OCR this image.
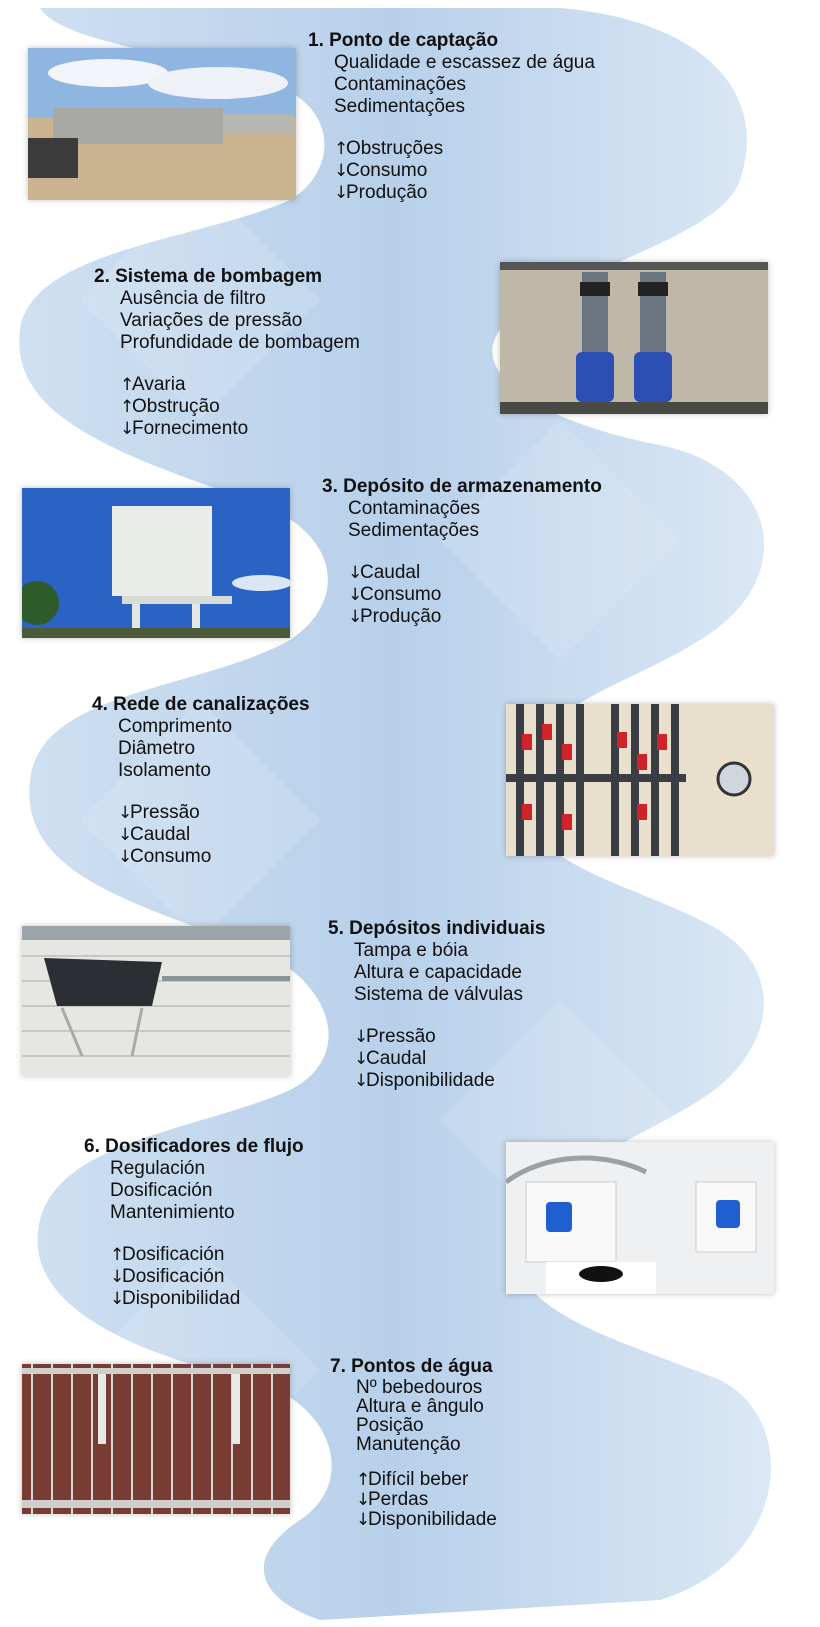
1. Ponto de captação
Qualidade e escassez de água
Contaminações
Sedimentações
↑Obstruções
↓Consumo
↓Produção
2. Sistema de bombagem
Ausência de filtro
Variações de pressão
Profundidade de bombagem
↑Avaria
↑Obstrução
↓Fornecimento
3. Depósito de armazenamento
Contaminações
Sedimentações
↓Caudal
↓Consumo
↓Produção
4. Rede de canalizações
Comprimento
Diâmetro
Isolamento
↓Pressão
↓Caudal
↓Consumo
5. Depósitos individuais
Tampa e bóia
Altura e capacidade
Sistema de válvulas
↓Pressão
↓Caudal
↓Disponibilidade
6. Dosificadores de flujo
Regulación
Dosificación
Mantenimiento
↑Dosificación
↓Dosificación
↓Disponibilidad
7. Pontos de água
Nº bebedouros
Altura e ângulo
Posição
Manutenção
↑Difícil beber
↓Perdas
↓Disponibilidade
